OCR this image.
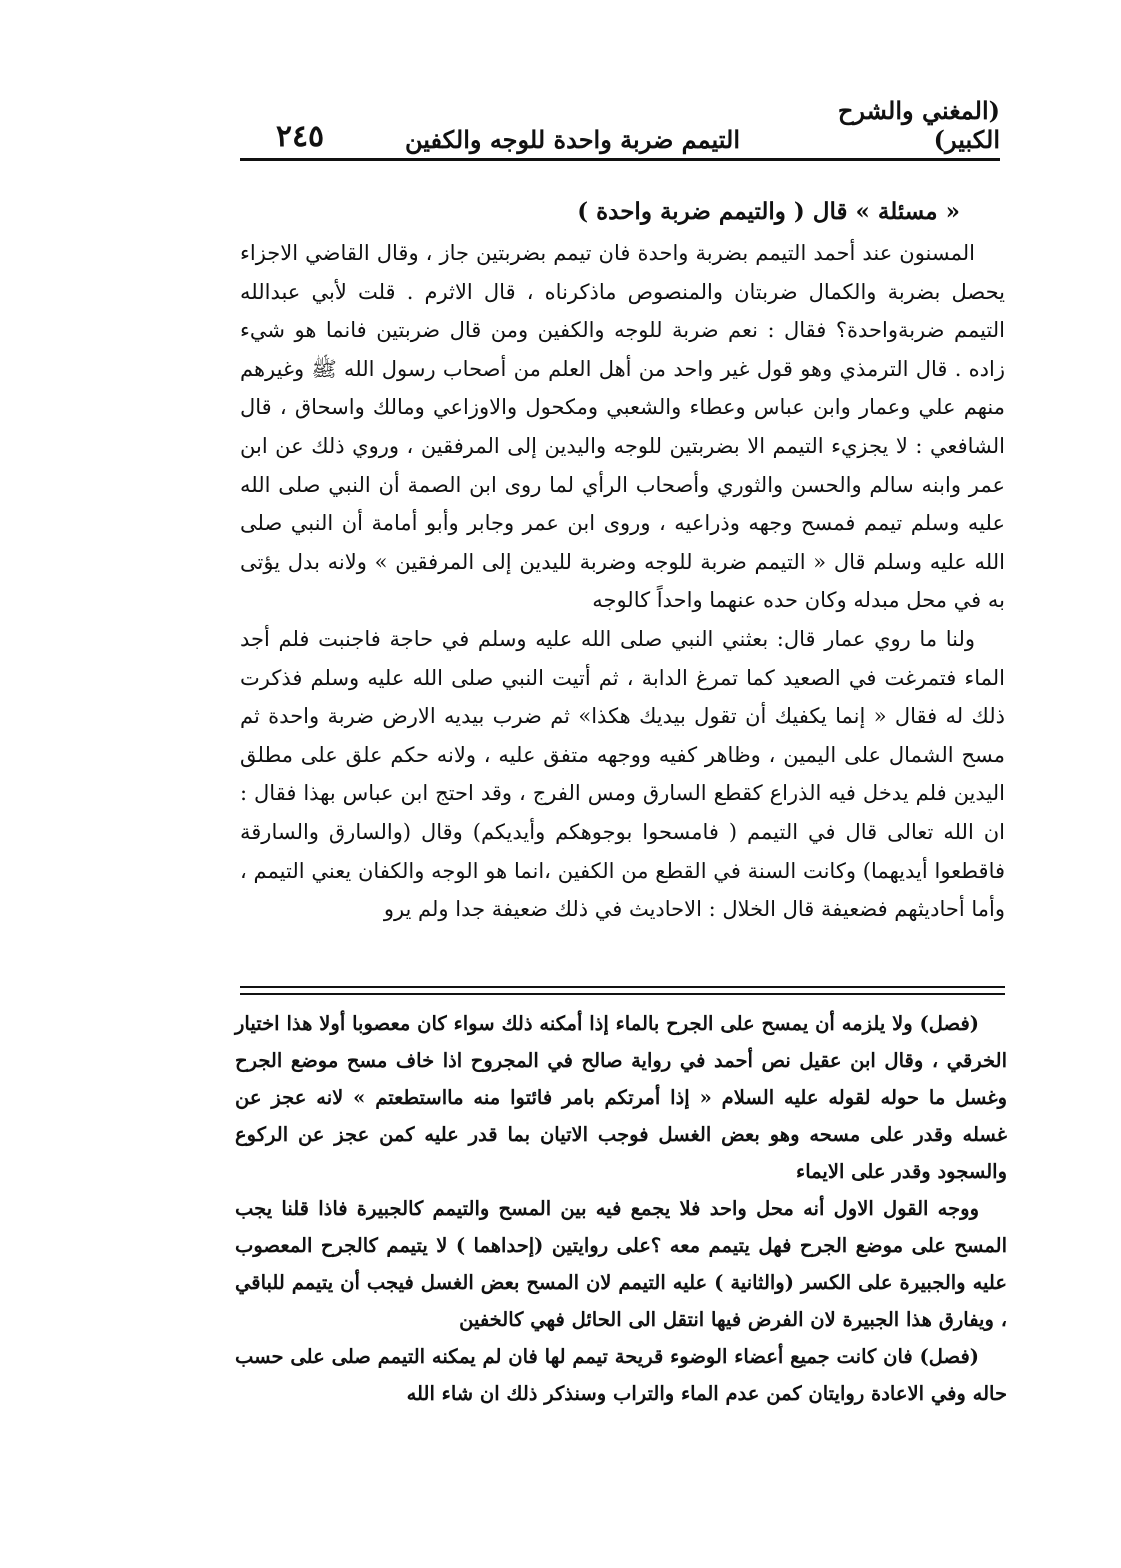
(المغني والشرح الكبير)
التيمم ضربة واحدة للوجه والكفين
٢٤٥
« مسئلة » قال ( والتيمم ضربة واحدة )

المسنون عند أحمد التيمم بضربة واحدة فان تيمم بضربتين جاز ، وقال القاضي الاجزاء يحصل بضربة والكمال ضربتان والمنصوص ماذكرناه ، قال الاثرم . قلت لأبي عبدالله التيمم ضربةواحدة؟ فقال : نعم ضربة للوجه والكفين ومن قال ضربتين فانما هو شيء زاده . قال الترمذي وهو قول غير واحد من أهل العلم من أصحاب رسول الله ﷺ وغيرهم منهم علي وعمار وابن عباس وعطاء والشعبي ومكحول والاوزاعي ومالك واسحاق ، قال الشافعي : لا يجزيء التيمم الا بضربتين للوجه واليدين إلى المرفقين ، وروي ذلك عن ابن عمر وابنه سالم والحسن والثوري وأصحاب الرأي لما روى ابن الصمة أن النبي صلى الله عليه وسلم تيمم فمسح وجهه وذراعيه ، وروى ابن عمر وجابر وأبو أمامة أن النبي صلى الله عليه وسلم قال « التيمم ضربة للوجه وضربة لليدين إلى المرفقين » ولانه بدل يؤتى به في محل مبدله وكان حده عنهما واحداً كالوجه

ولنا ما روي عمار قال: بعثني النبي صلى الله عليه وسلم في حاجة فاجنبت فلم أجد الماء فتمرغت في الصعيد كما تمرغ الدابة ، ثم أتيت النبي صلى الله عليه وسلم فذكرت ذلك له فقال « إنما يكفيك أن تقول بيديك هكذا» ثم ضرب بيديه الارض ضربة واحدة ثم مسح الشمال على اليمين ، وظاهر كفيه ووجهه متفق عليه ، ولانه حكم علق على مطلق اليدين فلم يدخل فيه الذراع كقطع السارق ومس الفرج ، وقد احتج ابن عباس بهذا فقال : ان الله تعالى قال في التيمم ( فامسحوا بوجوهكم وأيديكم) وقال (والسارق والسارقة فاقطعوا أيديهما) وكانت السنة في القطع من الكفين ،انما هو الوجه والكفان يعني التيمم ، وأما أحاديثهم فضعيفة قال الخلال : الاحاديث في ذلك ضعيفة جدا ولم يرو

(فصل) ولا يلزمه أن يمسح على الجرح بالماء إذا أمكنه ذلك سواء كان معصوبا أولا هذا اختيار الخرقي ، وقال ابن عقيل نص أحمد في رواية صالح في المجروح اذا خاف مسح موضع الجرح وغسل ما حوله لقوله عليه السلام « إذا أمرتكم بامر فائتوا منه مااستطعتم » لانه عجز عن غسله وقدر على مسحه وهو بعض الغسل فوجب الاتيان بما قدر عليه كمن عجز عن الركوع والسجود وقدر على الايماء

ووجه القول الاول أنه محل واحد فلا يجمع فيه بين المسح والتيمم كالجبيرة فاذا قلنا يجب المسح على موضع الجرح فهل يتيمم معه ؟على روايتين (إحداهما ) لا يتيمم كالجرح المعصوب عليه والجبيرة على الكسر (والثانية ) عليه التيمم لان المسح بعض الغسل فيجب أن يتيمم للباقي ، ويفارق هذا الجبيرة لان الفرض فيها انتقل الى الحائل فهي كالخفين

(فصل) فان كانت جميع أعضاء الوضوء قريحة تيمم لها فان لم يمكنه التيمم صلى على حسب حاله وفي الاعادة روايتان كمن عدم الماء والتراب وسنذكر ذلك ان شاء الله
